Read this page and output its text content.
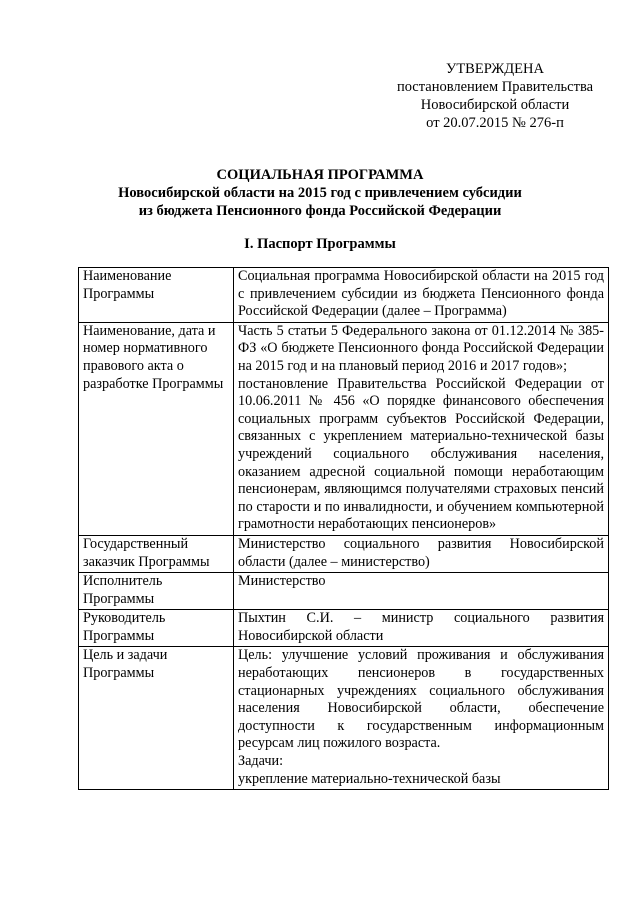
УТВЕРЖДЕНА
постановлением Правительства
Новосибирской области
от 20.07.2015 № 276-п
СОЦИАЛЬНАЯ ПРОГРАММА
Новосибирской области на 2015 год с привлечением субсидии
из бюджета Пенсионного фонда Российской Федерации
I. Паспорт Программы
Наименование Программы	Социальная программа Новосибирской области на 2015 год с привлечением субсидии из бюджета Пенсионного фонда Российской Федерации (далее – Программа)

Наименование, дата и номер нормативного правового акта о разработке Программы	Часть 5 статьи 5 Федерального закона от 01.12.2014 № 385-ФЗ «О бюджете Пенсионного фонда Российской Федерации на 2015 год и на плановый период 2016 и 2017 годов»;
постановление Правительства Российской Федерации от 10.06.2011 № 456 «О порядке финансового обеспечения социальных программ субъектов Российской Федерации, связанных с укреплением материально-технической базы учреждений социального обслуживания населения, оказанием адресной социальной помощи неработающим пенсионерам, являющимся получателями страховых пенсий по старости и по инвалидности, и обучением компьютерной грамотности неработающих пенсионеров»

Государственный заказчик Программы	Министерство социального развития Новосибирской области (далее – министерство)

Исполнитель Программы	Министерство

Руководитель Программы	Пыхтин С.И. – министр социального развития Новосибирской области

Цель и задачи Программы	Цель: улучшение условий проживания и обслуживания неработающих пенсионеров в государственных стационарных учреждениях социального обслуживания населения Новосибирской области, обеспечение доступности к государственным информационным ресурсам лиц пожилого возраста.
Задачи:
укрепление материально-технической базы
